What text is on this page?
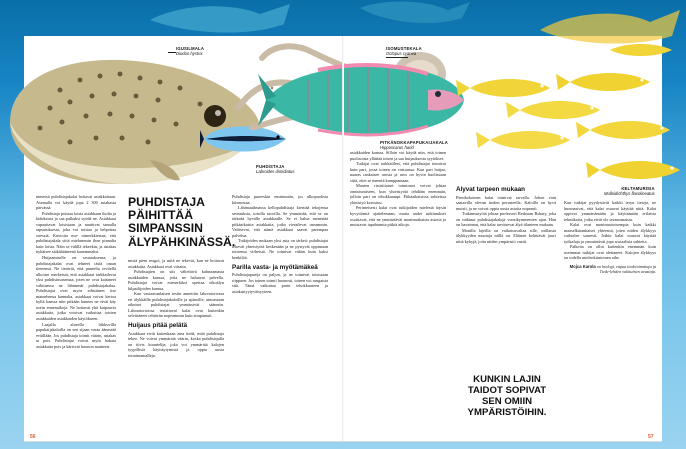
IGUSILMALA
Diodon hystrix
ISOMUSTEKALA
Octopus cyanea
PUHDISTAJA
Labroides dimidiatus
PITKÄNOKKAPAPUKAIJAKALA
Hipposcarus harid
KELTAMURISIA
Mulloidichthys flavolineatus

nimessä puhdistajakalat hoitavat asiakkaitaan. Asemalla voi käydä jopa 2 300 asiakasta päivässä.

Puhdistaja poistaa loisia asiakkaan iholta ja kiduksista ja saa palkaksi syödä ne. Asiakkaat vapauttavat loisistaan ja nauttivat samalla rapsutuksesta, joka voi toistaa ja helpottaa stressiä. Kuvioita mu- nimerkkiestaa, että puhdistajakala siitä mielummin ihon pinnalta kuin loisia. Näin se välillä tekeekin, ja asiakas nykäisee säikähtäneenä kauemmaksi.

Huijaamiselle on seurauksensa, ja puhdistajakalat ovat tehneet tästä oman tieteensä. Ne tietävät, että paneelia revitellä ulkoiset merkeistä, että asiakkaat tarkkailevat yksi puhdistusasemaa, joten ne ovat kaitaneet valittaessa ne lähimmät puhdistajakalaa. Puhdistajat ovat myös edistäneet itse mainehensa kannalta, asiakkaat voivat kertoa kyllä kanssa niin pitkään kunnes ne eivät käy usein ennenaikoja. Ne hoitavat yhä kaipaavia asiakkaita, jotka voisivat vaikuttaa toisien asiakkaiden asiakkaiden käytökseen.

Laajalla alueella liikkuvilla papukaijakaloilla on sen sijaan varaa äänestää eväillään. Jos puhdistaja toimii väärin, asiakas ui pois. Puhdistajat voivat myös hakata asiakkaita pois ja kärsivät huonon maineen.

PUHDISTAJA PÄIHITTÄÄ SIMPANSSIN ÄLYPÄHKINÄSSÄ.

mistä pieni reagoi, ja mitä ne tekevät, kun ne hoitavat asiakkaita. Asiakkaat ovat viisaita.

Puhdistajien on siis vältettävä kuhnaamasta asiakkaiden kanssa, joita ne haluavat palvella. Puhdistajat voivat esimerkiksi opettaa tekoälyn kilpailijoiden kanssa.

Kun vastaavanlaisen testin annettiin laboratoriossa eri älykkäille puhdistajakaloille ja apinoille, ainoastaan aikuiset puhdistajat ymmärsivät säännön. Laboratorioissa testattavat kalat ovat kuitenkin selvittäneet tehtävän nopeammin kuin simpanssit.

Huijaus pitää pelätä

Asiakkaat eivät kuitenkaan aina tiedä, mitä puhdistaja tekee. Ne voivat ymmärtää väärin, koska puhdistajalla on tiivis kuuntelija, joka voi ymmärtää kalojen tyypillisiä käyttäytymisiä ja oppia uusia toimintamalleja.

Puhdistaja pureeskin ensimmäin, jos ulkopuolista kiinnostaa.

Lähimaailmassa kellopuhdistaja kierttää tekojensa seurauksia, toisilla tavoilla. Se ymmärtää, että se on tärkeää hyvälle asiakkaalle. Se ei halua menettää pitkäaikaisia asiakkaita, jotka vierailevat useammin. Valitsevat, että nämä asiakkaat saavat parempaa palvelua.

Tutkijoiden mukaan yksi asia on tärkeä: puhdistajat tekevät yhteistyötä keskenään ja ne pystyvät oppimaan toistensa virheistä. Ne toimivat vähän kuin kaksi henkilöä.

Parilla vasta- ja myötämäkeä

Puhdistajapareja on paljon, ja ne toimivat toisistaan riippuen. Jos toinen toimii huonosti, toinen voi rangaista sitä. Tämä vaikuttaa parin tehokkuuteen ja asiakastyytyväisyyteen.

asiakkaiden kanssa. Silloin voi käydä niin, että toinen puolisoista yllättää toisen ja saa huijauksesta syytökset.

Tutkijat ovat tarkkailleet, että puhdistajat toimivat kuin pari, jossa toinen on vastuussa. Kun pari huijaa, naaras rankaisee urosta ja uros on hyvin huolissaan siitä, ettei se menetä kumppaniaan.

Muuten ristiriitaiset toiminnot voivat johtaa onnistumiseen, kun yhteistyötä tehdään enemmän, jolloin pari on tehokkaampi. Pitkäaikaisissa suhteissa yhteistyö korostuu.

Perinteisesti kalat ovat tutkijoiden mielestä täysin kyvyttömiä ajattelemaan, mutta uudet tutkimukset osoittavat, että ne ymmärtävät monimutkaisia asioita ja muistavat tapahtumia pitkiä aikoja.

Älyvat tarpeen mukaan

Pienikokoinen kalat toimivat tarvalla. Johon vain saatavilla olevan tiedon perusteella. Kaloilla on hyvä muisti, ja ne voivat oppia uusia asioita nopeasti.

Tutkimustyötä johtaa professori Redouan Bshary, joka on tutkinut puhdistajakaloja vuosikymmenien ajan. Hän on havainnut, että kalat tarvitsevat älyä tilanteen mukaan.

Monilla lajeilla on vaikutusvaltaa sille, millaisia älykkyyden muotoja niillä on. Eläimet kehittävät juuri niitä kykyjä, joita niiden ympäristö vaatii.

KUNKIN LAJIN TAIDOT SOPIVAT SEN OMIIN YMPÄRISTÖIHIN.

Kun tutkijat pyydystivät kaikki teryn tietoja, ne huomasivat, että kalat osaavat käyttää niitä. Kalat oppivat ymmärtämään ja käyttämään erilaisia tekniikoita, jotka eivät ole tavanomaisia.

Kalat ovat monimuotoisempia kuin kaikki maaselkärankaiset yhteensä, joten niiden älykkyys vaihtelee suuresti. Jotkin kalat osaavat käyttää työkaluja ja ymmärtävät jopa sosiaalisia suhteita.

Palkeita on ollut kuitenkin enemmän kuin useimmat tutkijat ovat olettaneet. Kalojen älykkyys on todella mielenkiintoinen aihe.

Mojca Karola on biologi, vapaa tiedetoimittaja ja Tiede-lehden vakituinen avustaja.
56	57
